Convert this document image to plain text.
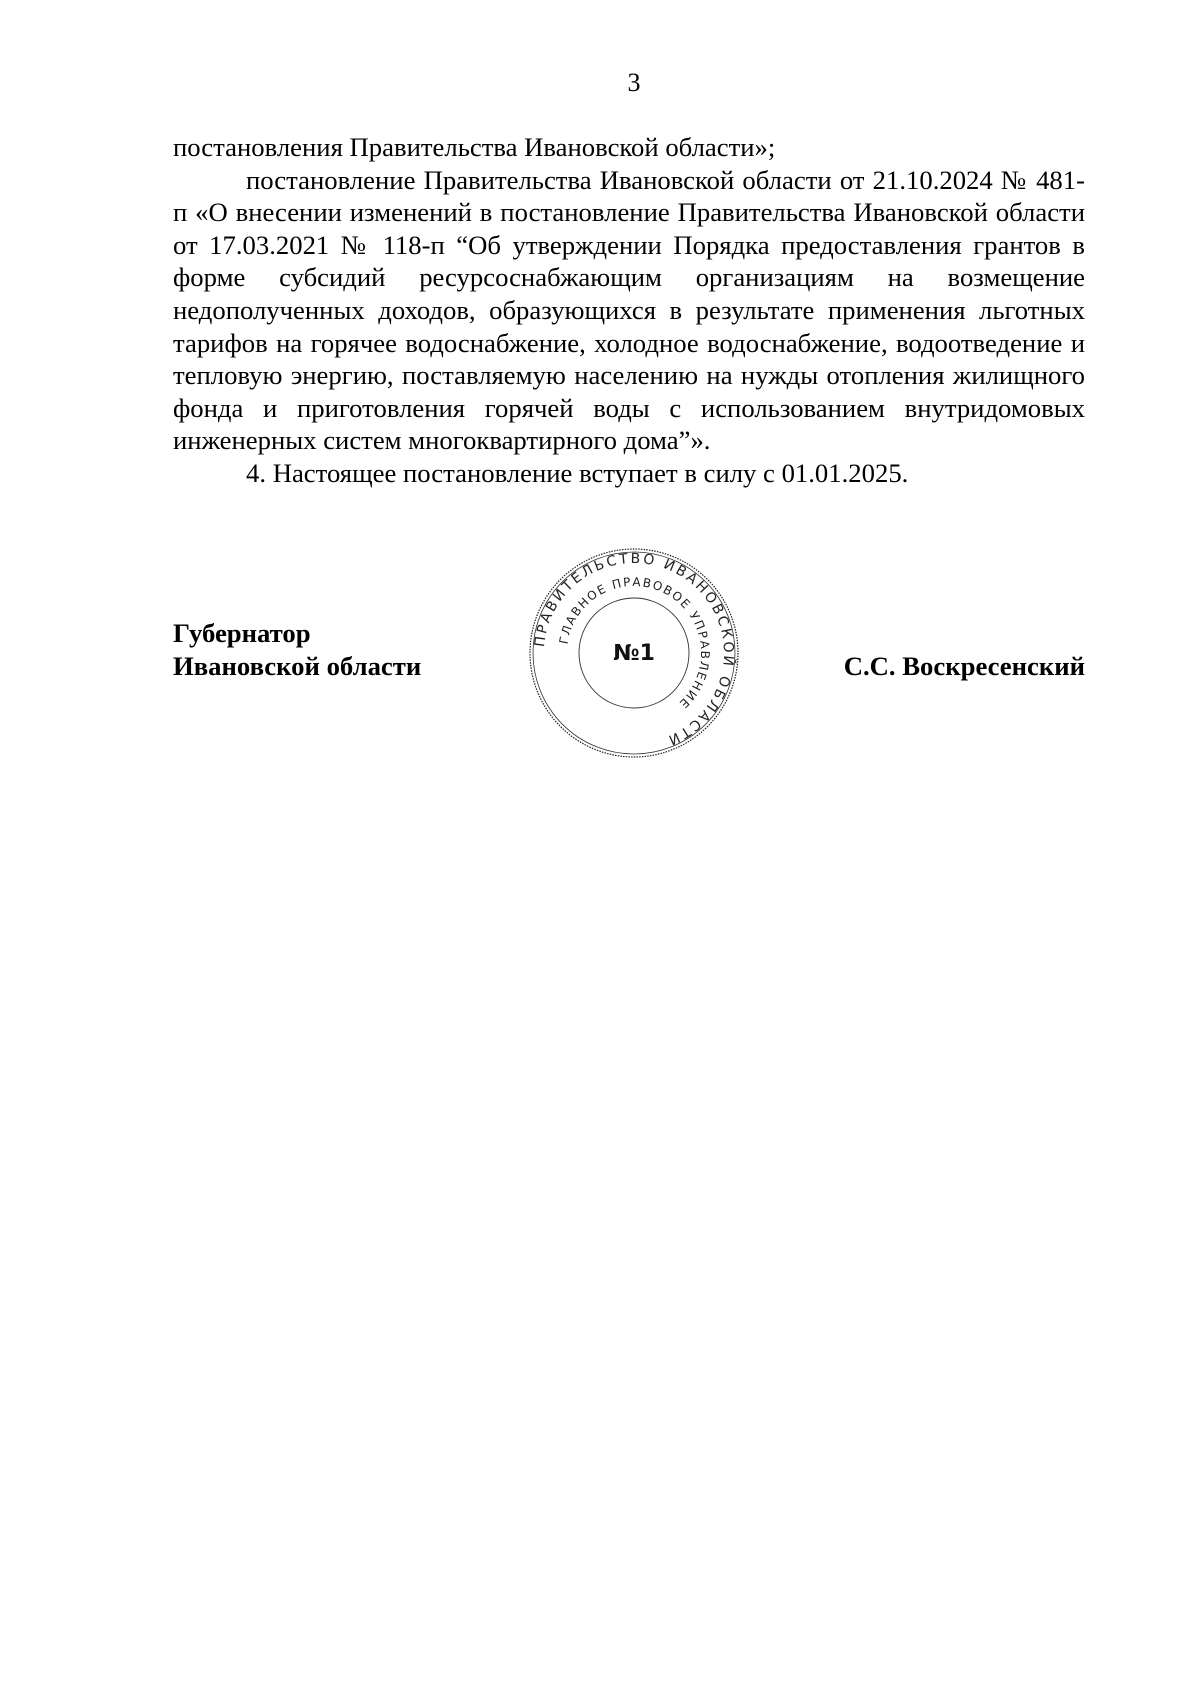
3

постановления Правительства Ивановской области»;

постановление Правительства Ивановской области от 21.10.2024 № 481-п «О внесении изменений в постановление Правительства Ивановской области от 17.03.2021 № 118-п “Об утверждении Порядка предоставления грантов в форме субсидий ресурсоснабжающим организациям на возмещение недополученных доходов, образующихся в результате применения льготных тарифов на горячее водоснабжение, холодное водоснабжение, водоотведение и тепловую энергию, поставляемую населению на нужды отопления жилищного фонда и приготовления горячей воды с использованием внутридомовых инженерных систем многоквартирного дома”».

4. Настоящее постановление вступает в силу с 01.01.2025.

Губернатор
Ивановской области	С.С. Воскресенский
ПРАВИТЕЛЬСТВО ИВАНОВСКОЙ ОБЛАСТИ
ГЛАВНОЕ ПРАВОВОЕ УПРАВЛЕНИЕ
№1
